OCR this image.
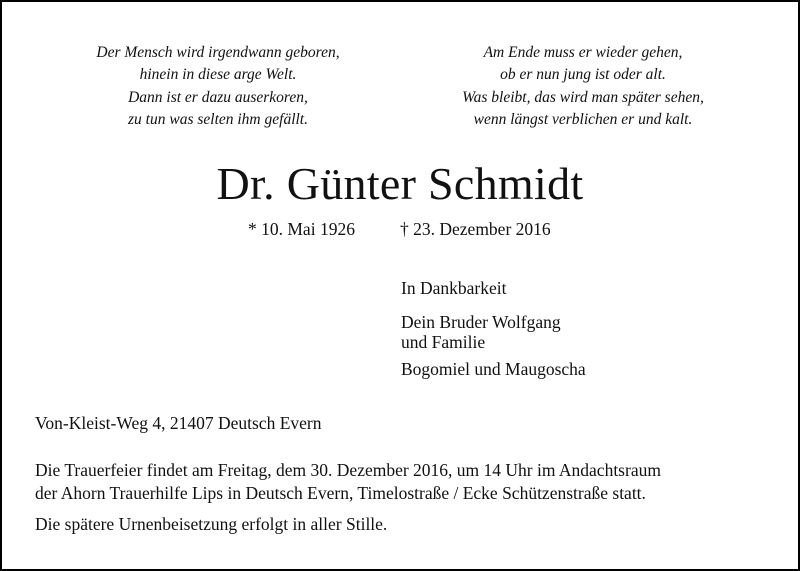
Der Mensch wird irgendwann geboren,
hinein in diese arge Welt.
Dann ist er dazu auserkoren,
zu tun was selten ihm gefällt.
Am Ende muss er wieder gehen,
ob er nun jung ist oder alt.
Was bleibt, das wird man später sehen,
wenn längst verblichen er und kalt.
Dr. Günter Schmidt
* 10. Mai 1926	† 23. Dezember 2016
In Dankbarkeit
Dein Bruder Wolfgang
und Familie
Bogomiel und Maugoscha
Von-Kleist-Weg 4, 21407 Deutsch Evern
Die Trauerfeier findet am Freitag, dem 30. Dezember 2016, um 14 Uhr im Andachtsraum
der Ahorn Trauerhilfe Lips in Deutsch Evern, Timelostraße / Ecke Schützenstraße statt.
Die spätere Urnenbeisetzung erfolgt in aller Stille.
